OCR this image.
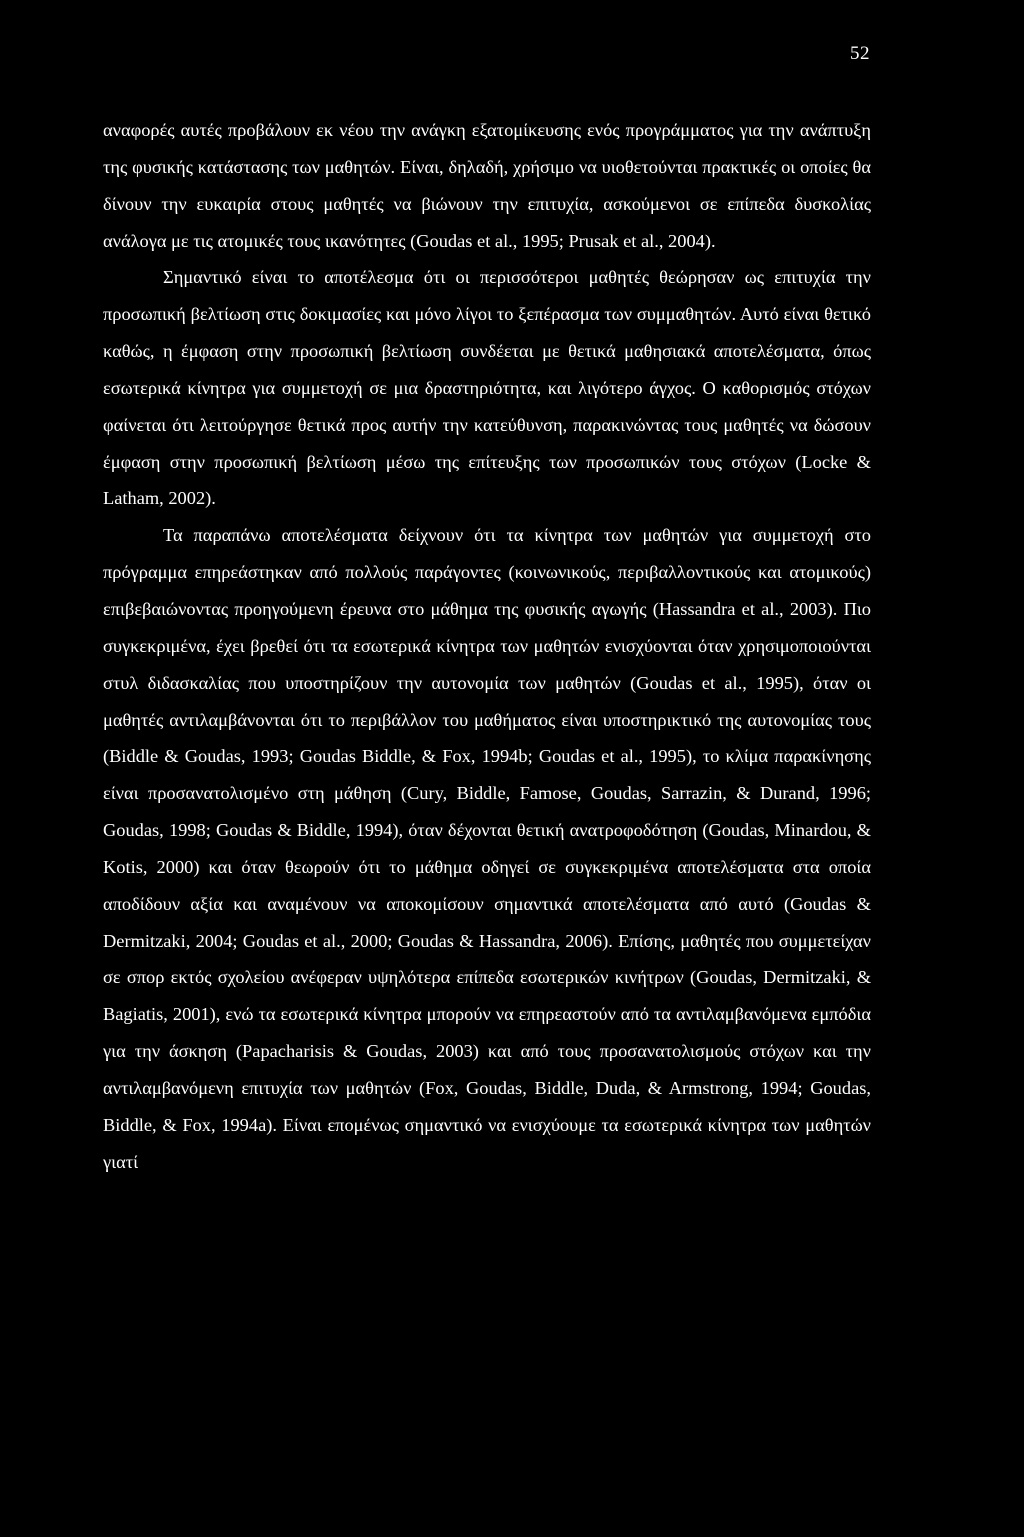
52

αναφορές αυτές προβάλουν εκ νέου την ανάγκη εξατομίκευσης ενός προγράμματος για την ανάπτυξη της φυσικής κατάστασης των μαθητών. Είναι, δηλαδή, χρήσιμο να υιοθετούνται πρακτικές οι οποίες θα δίνουν την ευκαιρία στους μαθητές να βιώνουν την επιτυχία, ασκούμενοι σε επίπεδα δυσκολίας ανάλογα με τις ατομικές τους ικανότητες (Goudas et al., 1995; Prusak et al., 2004).

Σημαντικό είναι το αποτέλεσμα ότι οι περισσότεροι μαθητές θεώρησαν ως επιτυχία την προσωπική βελτίωση στις δοκιμασίες και μόνο λίγοι το ξεπέρασμα των συμμαθητών. Αυτό είναι θετικό καθώς, η έμφαση στην προσωπική βελτίωση συνδέεται με θετικά μαθησιακά αποτελέσματα, όπως εσωτερικά κίνητρα για συμμετοχή σε μια δραστηριότητα, και λιγότερο άγχος. Ο καθορισμός στόχων φαίνεται ότι λειτούργησε θετικά προς αυτήν την κατεύθυνση, παρακινώντας τους μαθητές να δώσουν έμφαση στην προσωπική βελτίωση μέσω της επίτευξης των προσωπικών τους στόχων (Locke & Latham, 2002).

Τα παραπάνω αποτελέσματα δείχνουν ότι τα κίνητρα των μαθητών για συμμετοχή στο πρόγραμμα επηρεάστηκαν από πολλούς παράγοντες (κοινωνικούς, περιβαλλοντικούς και ατομικούς) επιβεβαιώνοντας προηγούμενη έρευνα στο μάθημα της φυσικής αγωγής (Hassandra et al., 2003). Πιο συγκεκριμένα, έχει βρεθεί ότι τα εσωτερικά κίνητρα των μαθητών ενισχύονται όταν χρησιμοποιούνται στυλ διδασκαλίας που υποστηρίζουν την αυτονομία των μαθητών (Goudas et al., 1995), όταν οι μαθητές αντιλαμβάνονται ότι το περιβάλλον του μαθήματος είναι υποστηρικτικό της αυτονομίας τους (Biddle & Goudas, 1993; Goudas Biddle, & Fox, 1994b; Goudas et al., 1995), το κλίμα παρακίνησης είναι προσανατολισμένο στη μάθηση (Cury, Biddle, Famose, Goudas, Sarrazin, & Durand, 1996; Goudas, 1998; Goudas & Biddle, 1994), όταν δέχονται θετική ανατροφοδότηση (Goudas, Minardou, & Kotis, 2000) και όταν θεωρούν ότι το μάθημα οδηγεί σε συγκεκριμένα αποτελέσματα στα οποία αποδίδουν αξία και αναμένουν να αποκομίσουν σημαντικά αποτελέσματα από αυτό (Goudas & Dermitzaki, 2004; Goudas et al., 2000; Goudas & Hassandra, 2006). Επίσης, μαθητές που συμμετείχαν σε σπορ εκτός σχολείου ανέφεραν υψηλότερα επίπεδα εσωτερικών κινήτρων (Goudas, Dermitzaki, & Bagiatis, 2001), ενώ τα εσωτερικά κίνητρα μπορούν να επηρεαστούν από τα αντιλαμβανόμενα εμπόδια για την άσκηση (Papacharisis & Goudas, 2003) και από τους προσανατολισμούς στόχων και την αντιλαμβανόμενη επιτυχία των μαθητών (Fox, Goudas, Biddle, Duda, & Armstrong, 1994; Goudas, Biddle, & Fox, 1994a). Είναι επομένως σημαντικό να ενισχύουμε τα εσωτερικά κίνητρα των μαθητών γιατί
